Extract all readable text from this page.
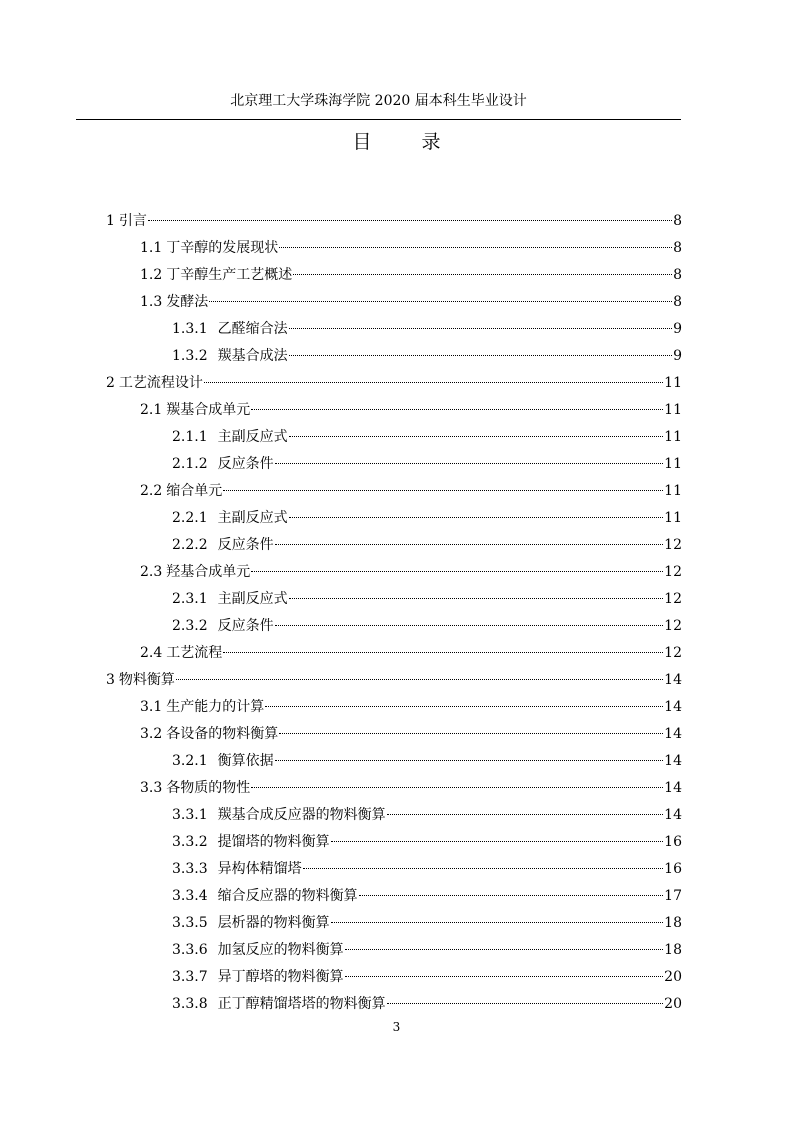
北京理工大学珠海学院 2020 届本科生毕业设计
目 录
1 引言	8
1.1 丁辛醇的发展现状	8
1.2 丁辛醇生产工艺概述	8
1.3 发酵法	8
1.3.1 乙醛缩合法	9
1.3.2 羰基合成法	9
2 工艺流程设计	11
2.1 羰基合成单元	11
2.1.1 主副反应式	11
2.1.2 反应条件	11
2.2 缩合单元	11
2.2.1 主副反应式	11
2.2.2 反应条件	12
2.3 羟基合成单元	12
2.3.1 主副反应式	12
2.3.2 反应条件	12
2.4 工艺流程	12
3 物料衡算	14
3.1 生产能力的计算	14
3.2 各设备的物料衡算	14
3.2.1 衡算依据	14
3.3 各物质的物性	14
3.3.1 羰基合成反应器的物料衡算	14
3.3.2 提馏塔的物料衡算	16
3.3.3 异构体精馏塔	16
3.3.4 缩合反应器的物料衡算	17
3.3.5 层析器的物料衡算	18
3.3.6 加氢反应的物料衡算	18
3.3.7 异丁醇塔的物料衡算	20
3.3.8 正丁醇精馏塔塔的物料衡算	20
3
